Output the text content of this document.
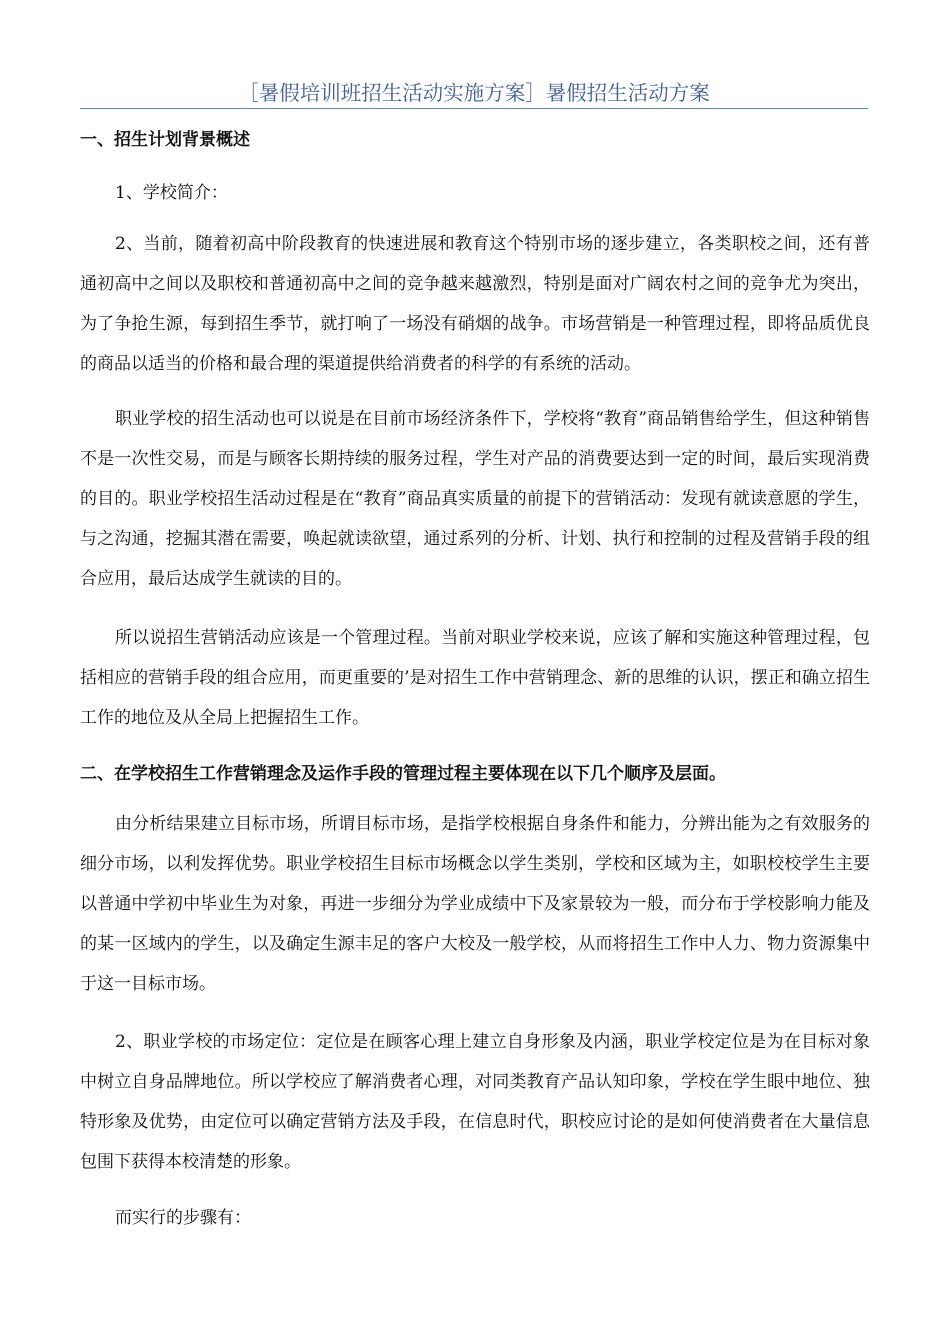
［暑假培训班招生活动实施方案］暑假招生活动方案
一、招生计划背景概述

1、学校简介：

2、当前，随着初高中阶段教育的快速进展和教育这个特别市场的逐步建立，各类职校之间，还有普通初高中之间以及职校和普通初高中之间的竞争越来越激烈，特别是面对广阔农村之间的竞争尤为突出，为了争抢生源，每到招生季节，就打响了一场没有硝烟的战争。市场营销是一种管理过程，即将品质优良的商品以适当的价格和最合理的渠道提供给消费者的科学的有系统的活动。

职业学校的招生活动也可以说是在目前市场经济条件下，学校将“教育”商品销售给学生，但这种销售不是一次性交易，而是与顾客长期持续的服务过程，学生对产品的消费要达到一定的时间，最后实现消费的目的。职业学校招生活动过程是在“教育”商品真实质量的前提下的营销活动：发现有就读意愿的学生，与之沟通，挖掘其潜在需要，唤起就读欲望，通过系列的分析、计划、执行和控制的过程及营销手段的组合应用，最后达成学生就读的目的。

所以说招生营销活动应该是一个管理过程。当前对职业学校来说，应该了解和实施这种管理过程，包括相应的营销手段的组合应用，而更重要的’是对招生工作中营销理念、新的思维的认识，摆正和确立招生工作的地位及从全局上把握招生工作。

二、在学校招生工作营销理念及运作手段的管理过程主要体现在以下几个顺序及层面。

由分析结果建立目标市场，所谓目标市场，是指学校根据自身条件和能力，分辨出能为之有效服务的细分市场，以利发挥优势。职业学校招生目标市场概念以学生类别，学校和区域为主，如职校校学生主要以普通中学初中毕业生为对象，再进一步细分为学业成绩中下及家景较为一般，而分布于学校影响力能及的某一区域内的学生，以及确定生源丰足的客户大校及一般学校，从而将招生工作中人力、物力资源集中于这一目标市场。

2、职业学校的市场定位：定位是在顾客心理上建立自身形象及内涵，职业学校定位是为在目标对象中树立自身品牌地位。所以学校应了解消费者心理，对同类教育产品认知印象，学校在学生眼中地位、独特形象及优势，由定位可以确定营销方法及手段，在信息时代，职校应讨论的是如何使消费者在大量信息包围下获得本校清楚的形象。

而实行的步骤有：
